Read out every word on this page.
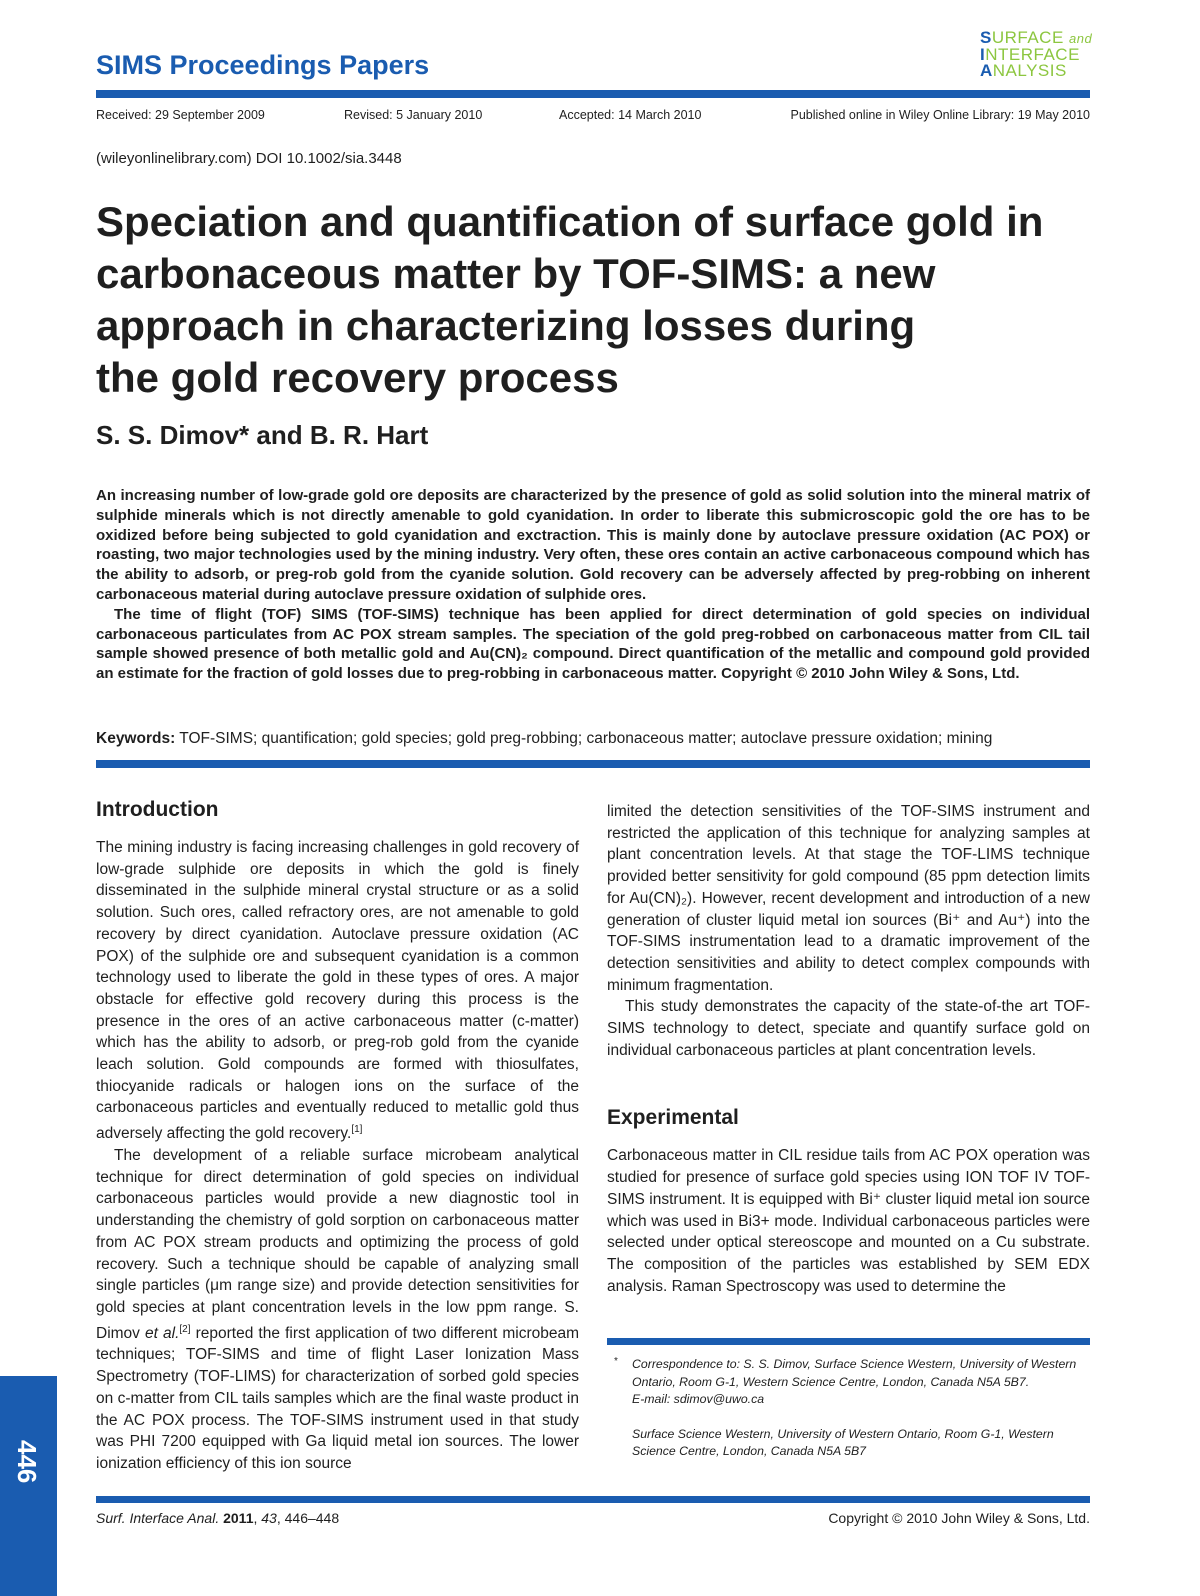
SIMS Proceedings Papers
SURFACE and
INTERFACE
ANALYSIS
Received: 29 September 2009	Revised: 5 January 2010	Accepted: 14 March 2010	Published online in Wiley Online Library: 19 May 2010
(wileyonlinelibrary.com) DOI 10.1002/sia.3448
Speciation and quantification of surface gold in
carbonaceous matter by TOF-SIMS: a new
approach in characterizing losses during
the gold recovery process
S. S. Dimov* and B. R. Hart

An increasing number of low-grade gold ore deposits are characterized by the presence of gold as solid solution into the mineral matrix of sulphide minerals which is not directly amenable to gold cyanidation. In order to liberate this submicroscopic gold the ore has to be oxidized before being subjected to gold cyanidation and exctraction. This is mainly done by autoclave pressure oxidation (AC POX) or roasting, two major technologies used by the mining industry. Very often, these ores contain an active carbonaceous compound which has the ability to adsorb, or preg-rob gold from the cyanide solution. Gold recovery can be adversely affected by preg-robbing on inherent carbonaceous material during autoclave pressure oxidation of sulphide ores.

The time of flight (TOF) SIMS (TOF-SIMS) technique has been applied for direct determination of gold species on individual carbonaceous particulates from AC POX stream samples. The speciation of the gold preg-robbed on carbonaceous matter from CIL tail sample showed presence of both metallic gold and Au(CN)₂ compound. Direct quantification of the metallic and compound gold provided an estimate for the fraction of gold losses due to preg-robbing in carbonaceous matter. Copyright © 2010 John Wiley & Sons, Ltd.

Keywords: TOF-SIMS; quantification; gold species; gold preg-robbing; carbonaceous matter; autoclave pressure oxidation; mining
Introduction

The mining industry is facing increasing challenges in gold recovery of low-grade sulphide ore deposits in which the gold is finely disseminated in the sulphide mineral crystal structure or as a solid solution. Such ores, called refractory ores, are not amenable to gold recovery by direct cyanidation. Autoclave pressure oxidation (AC POX) of the sulphide ore and subsequent cyanidation is a common technology used to liberate the gold in these types of ores. A major obstacle for effective gold recovery during this process is the presence in the ores of an active carbonaceous matter (c-matter) which has the ability to adsorb, or preg-rob gold from the cyanide leach solution. Gold compounds are formed with thiosulfates, thiocyanide radicals or halogen ions on the surface of the carbonaceous particles and eventually reduced to metallic gold thus adversely affecting the gold recovery.[1]

The development of a reliable surface microbeam analytical technique for direct determination of gold species on individual carbonaceous particles would provide a new diagnostic tool in understanding the chemistry of gold sorption on carbonaceous matter from AC POX stream products and optimizing the process of gold recovery. Such a technique should be capable of analyzing small single particles (μm range size) and provide detection sensitivities for gold species at plant concentration levels in the low ppm range. S. Dimov et al.[2] reported the first application of two different microbeam techniques; TOF-SIMS and time of flight Laser Ionization Mass Spectrometry (TOF-LIMS) for characterization of sorbed gold species on c-matter from CIL tails samples which are the final waste product in the AC POX process. The TOF-SIMS instrument used in that study was PHI 7200 equipped with Ga liquid metal ion sources. The lower ionization efficiency of this ion source

limited the detection sensitivities of the TOF-SIMS instrument and restricted the application of this technique for analyzing samples at plant concentration levels. At that stage the TOF-LIMS technique provided better sensitivity for gold compound (85 ppm detection limits for Au(CN)₂). However, recent development and introduction of a new generation of cluster liquid metal ion sources (Bi⁺ and Au⁺) into the TOF-SIMS instrumentation lead to a dramatic improvement of the detection sensitivities and ability to detect complex compounds with minimum fragmentation.

This study demonstrates the capacity of the state-of-the art TOF-SIMS technology to detect, speciate and quantify surface gold on individual carbonaceous particles at plant concentration levels.

Experimental

Carbonaceous matter in CIL residue tails from AC POX operation was studied for presence of surface gold species using ION TOF IV TOF-SIMS instrument. It is equipped with Bi⁺ cluster liquid metal ion source which was used in Bi3+ mode. Individual carbonaceous particles were selected under optical stereoscope and mounted on a Cu substrate. The composition of the particles was established by SEM EDX analysis. Raman Spectroscopy was used to determine the

* Correspondence to: S. S. Dimov, Surface Science Western, University of Western Ontario, Room G-1, Western Science Centre, London, Canada N5A 5B7.

E-mail: sdimov@uwo.ca

Surface Science Western, University of Western Ontario, Room G-1, Western Science Centre, London, Canada N5A 5B7

446
Surf. Interface Anal. 2011, 43, 446–448	Copyright © 2010 John Wiley & Sons, Ltd.
